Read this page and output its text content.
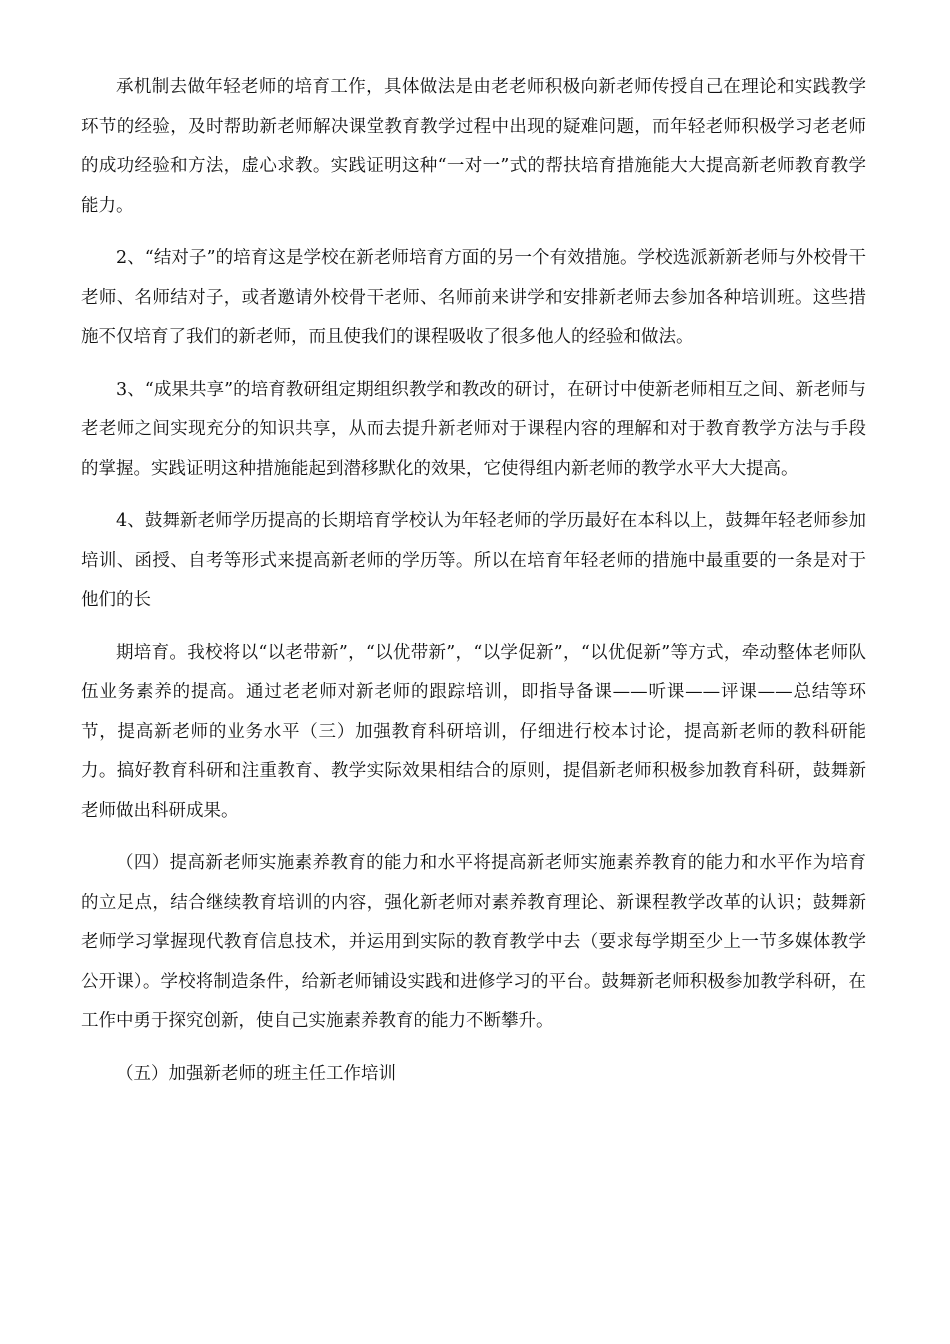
承机制去做年轻老师的培育工作，具体做法是由老老师积极向新老师传授自己在理论和实践教学环节的经验，及时帮助新老师解决课堂教育教学过程中出现的疑难问题，而年轻老师积极学习老老师的成功经验和方法，虚心求教。实践证明这种“一对一”式的帮扶培育措施能大大提高新老师教育教学能力。

2、“结对子”的培育这是学校在新老师培育方面的另一个有效措施。学校选派新新老师与外校骨干老师、名师结对子，或者邀请外校骨干老师、名师前来讲学和安排新老师去参加各种培训班。这些措施不仅培育了我们的新老师，而且使我们的课程吸收了很多他人的经验和做法。

3、“成果共享”的培育教研组定期组织教学和教改的研讨，在研讨中使新老师相互之间、新老师与老老师之间实现充分的知识共享，从而去提升新老师对于课程内容的理解和对于教育教学方法与手段的掌握。实践证明这种措施能起到潜移默化的效果，它使得组内新老师的教学水平大大提高。

4、鼓舞新老师学历提高的长期培育学校认为年轻老师的学历最好在本科以上，鼓舞年轻老师参加培训、函授、自考等形式来提高新老师的学历等。所以在培育年轻老师的措施中最重要的一条是对于他们的长

期培育。我校将以“以老带新”，“以优带新”，“以学促新”，“以优促新”等方式，牵动整体老师队伍业务素养的提高。通过老老师对新老师的跟踪培训，即指导备课——听课——评课——总结等环节，提高新老师的业务水平（三）加强教育科研培训，仔细进行校本讨论，提高新老师的教科研能力。搞好教育科研和注重教育、教学实际效果相结合的原则，提倡新老师积极参加教育科研，鼓舞新老师做出科研成果。

（四）提高新老师实施素养教育的能力和水平将提高新老师实施素养教育的能力和水平作为培育的立足点，结合继续教育培训的内容，强化新老师对素养教育理论、新课程教学改革的认识；鼓舞新老师学习掌握现代教育信息技术，并运用到实际的教育教学中去（要求每学期至少上一节多媒体教学公开课）。学校将制造条件，给新老师铺设实践和进修学习的平台。鼓舞新老师积极参加教学科研，在工作中勇于探究创新，使自己实施素养教育的能力不断攀升。

（五）加强新老师的班主任工作培训
